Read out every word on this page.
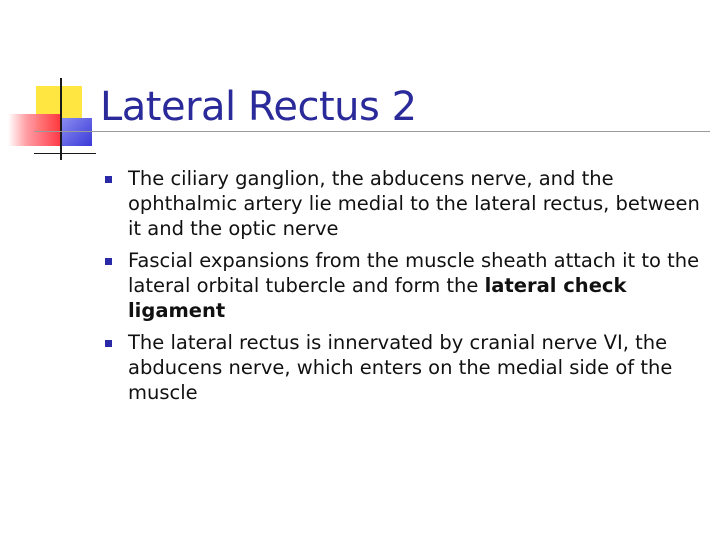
Lateral Rectus 2
The ciliary ganglion, the abducens nerve, and the ophthalmic artery lie medial to the lateral rectus, between it and the optic nerve
Fascial expansions from the muscle sheath attach it to the lateral orbital tubercle and form the lateral check ligament
The lateral rectus is innervated by cranial nerve VI, the abducens nerve, which enters on the medial side of the muscle
